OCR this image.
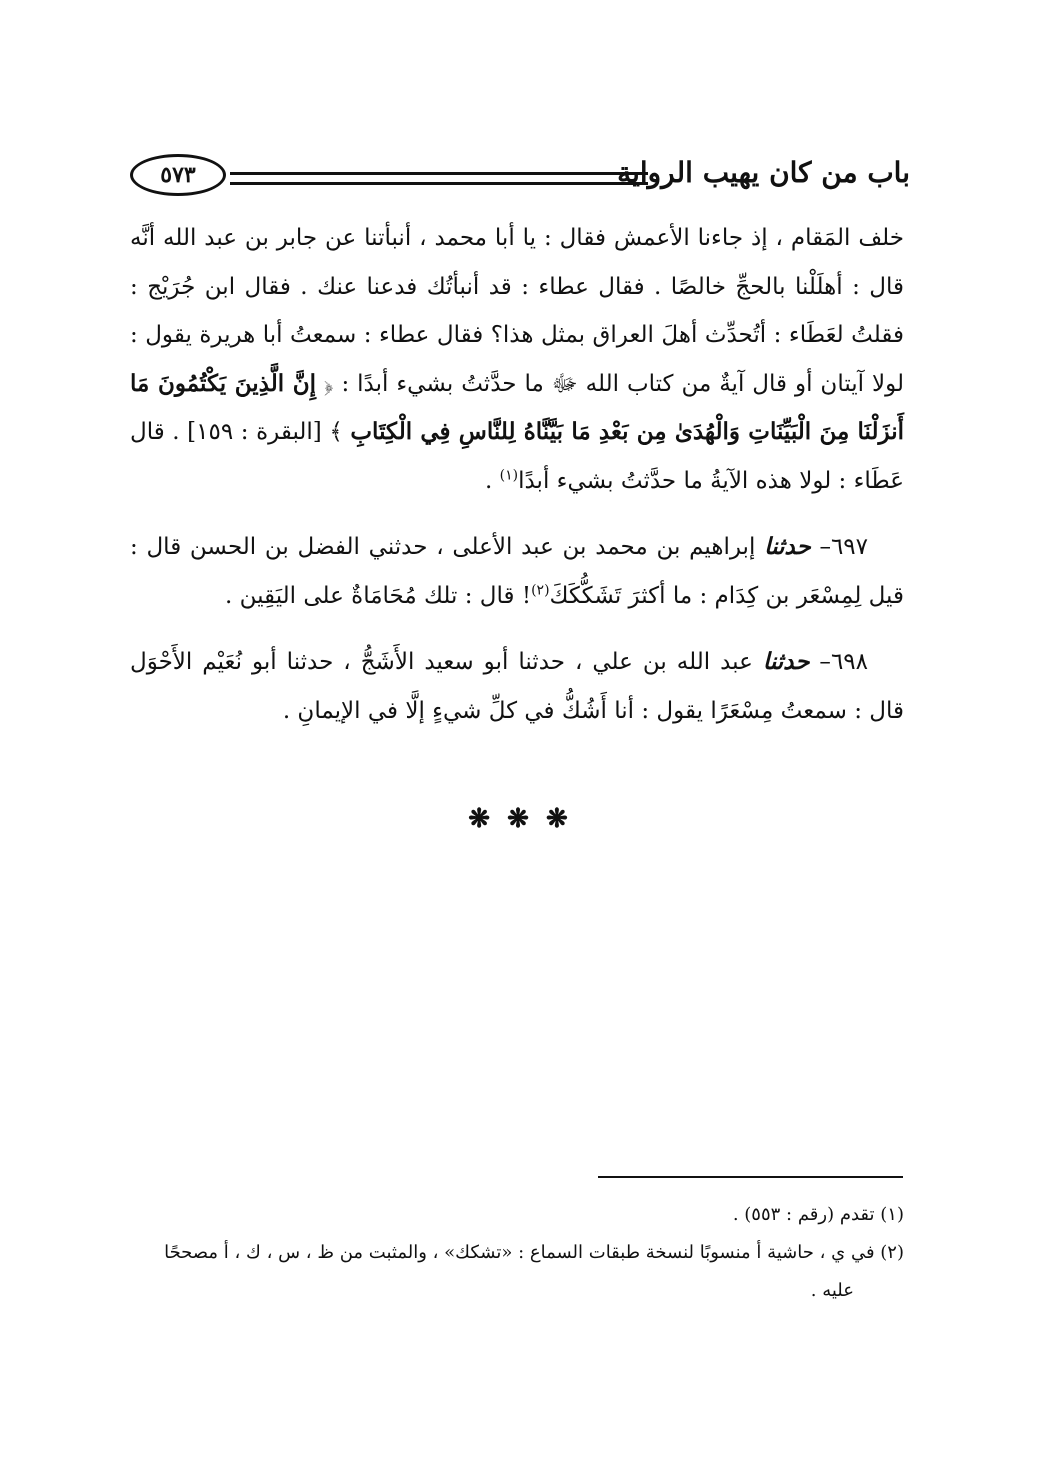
باب من كان يهيب الرواية
٥٧٣

خلف المَقام ، إذ جاءنا الأعمش فقال : يا أبا محمد ، أنبأتنا عن جابر بن عبد الله أنَّه قال : أهلَلْنا بالحجِّ خالصًا . فقال عطاء : قد أنبأتُك فدعنا عنك . فقال ابن جُرَيْج : فقلتُ لعَطَاء : أتُحدِّث أهلَ العراق بمثل هذا؟ فقال عطاء : سمعتُ أبا هريرة يقول : لولا آيتان أو قال آيةٌ من كتاب الله ﷻ ما حدَّثتُ بشيء أبدًا : ﴿ إِنَّ الَّذِينَ يَكْتُمُونَ مَا أَنزَلْنَا مِنَ الْبَيِّنَاتِ وَالْهُدَىٰ مِن بَعْدِ مَا بَيَّنَّاهُ لِلنَّاسِ فِي الْكِتَابِ ﴾ [البقرة : ١٥٩] . قال عَطَاء : لولا هذه الآيةُ ما حدَّثتُ بشيء أبدًا$^{(١)}$ .

٦٩٧– حدثنا إبراهيم بن محمد بن عبد الأعلى ، حدثني الفضل بن الحسن قال : قيل لِمِسْعَر بن كِدَام : ما أكثرَ تَشَكُّكَكَ$^{(٢)}$! قال : تلك مُحَامَاةٌ على اليَقِين .

٦٩٨– حدثنا عبد الله بن علي ، حدثنا أبو سعيد الأَشَجُّ ، حدثنا أبو نُعَيْم الأَحْوَل قال : سمعتُ مِسْعَرًا يقول : أنا أَشُكُّ في كلِّ شيءٍ إلَّا في الإيمانِ .

❋ ❋ ❋

(١) تقدم (رقم : ٥٥٣) .

(٢) في ي ، حاشية أ منسوبًا لنسخة طبقات السماع : «تشكك» ، والمثبت من ظ ، س ، ك ، أ مصححًا

عليه .
